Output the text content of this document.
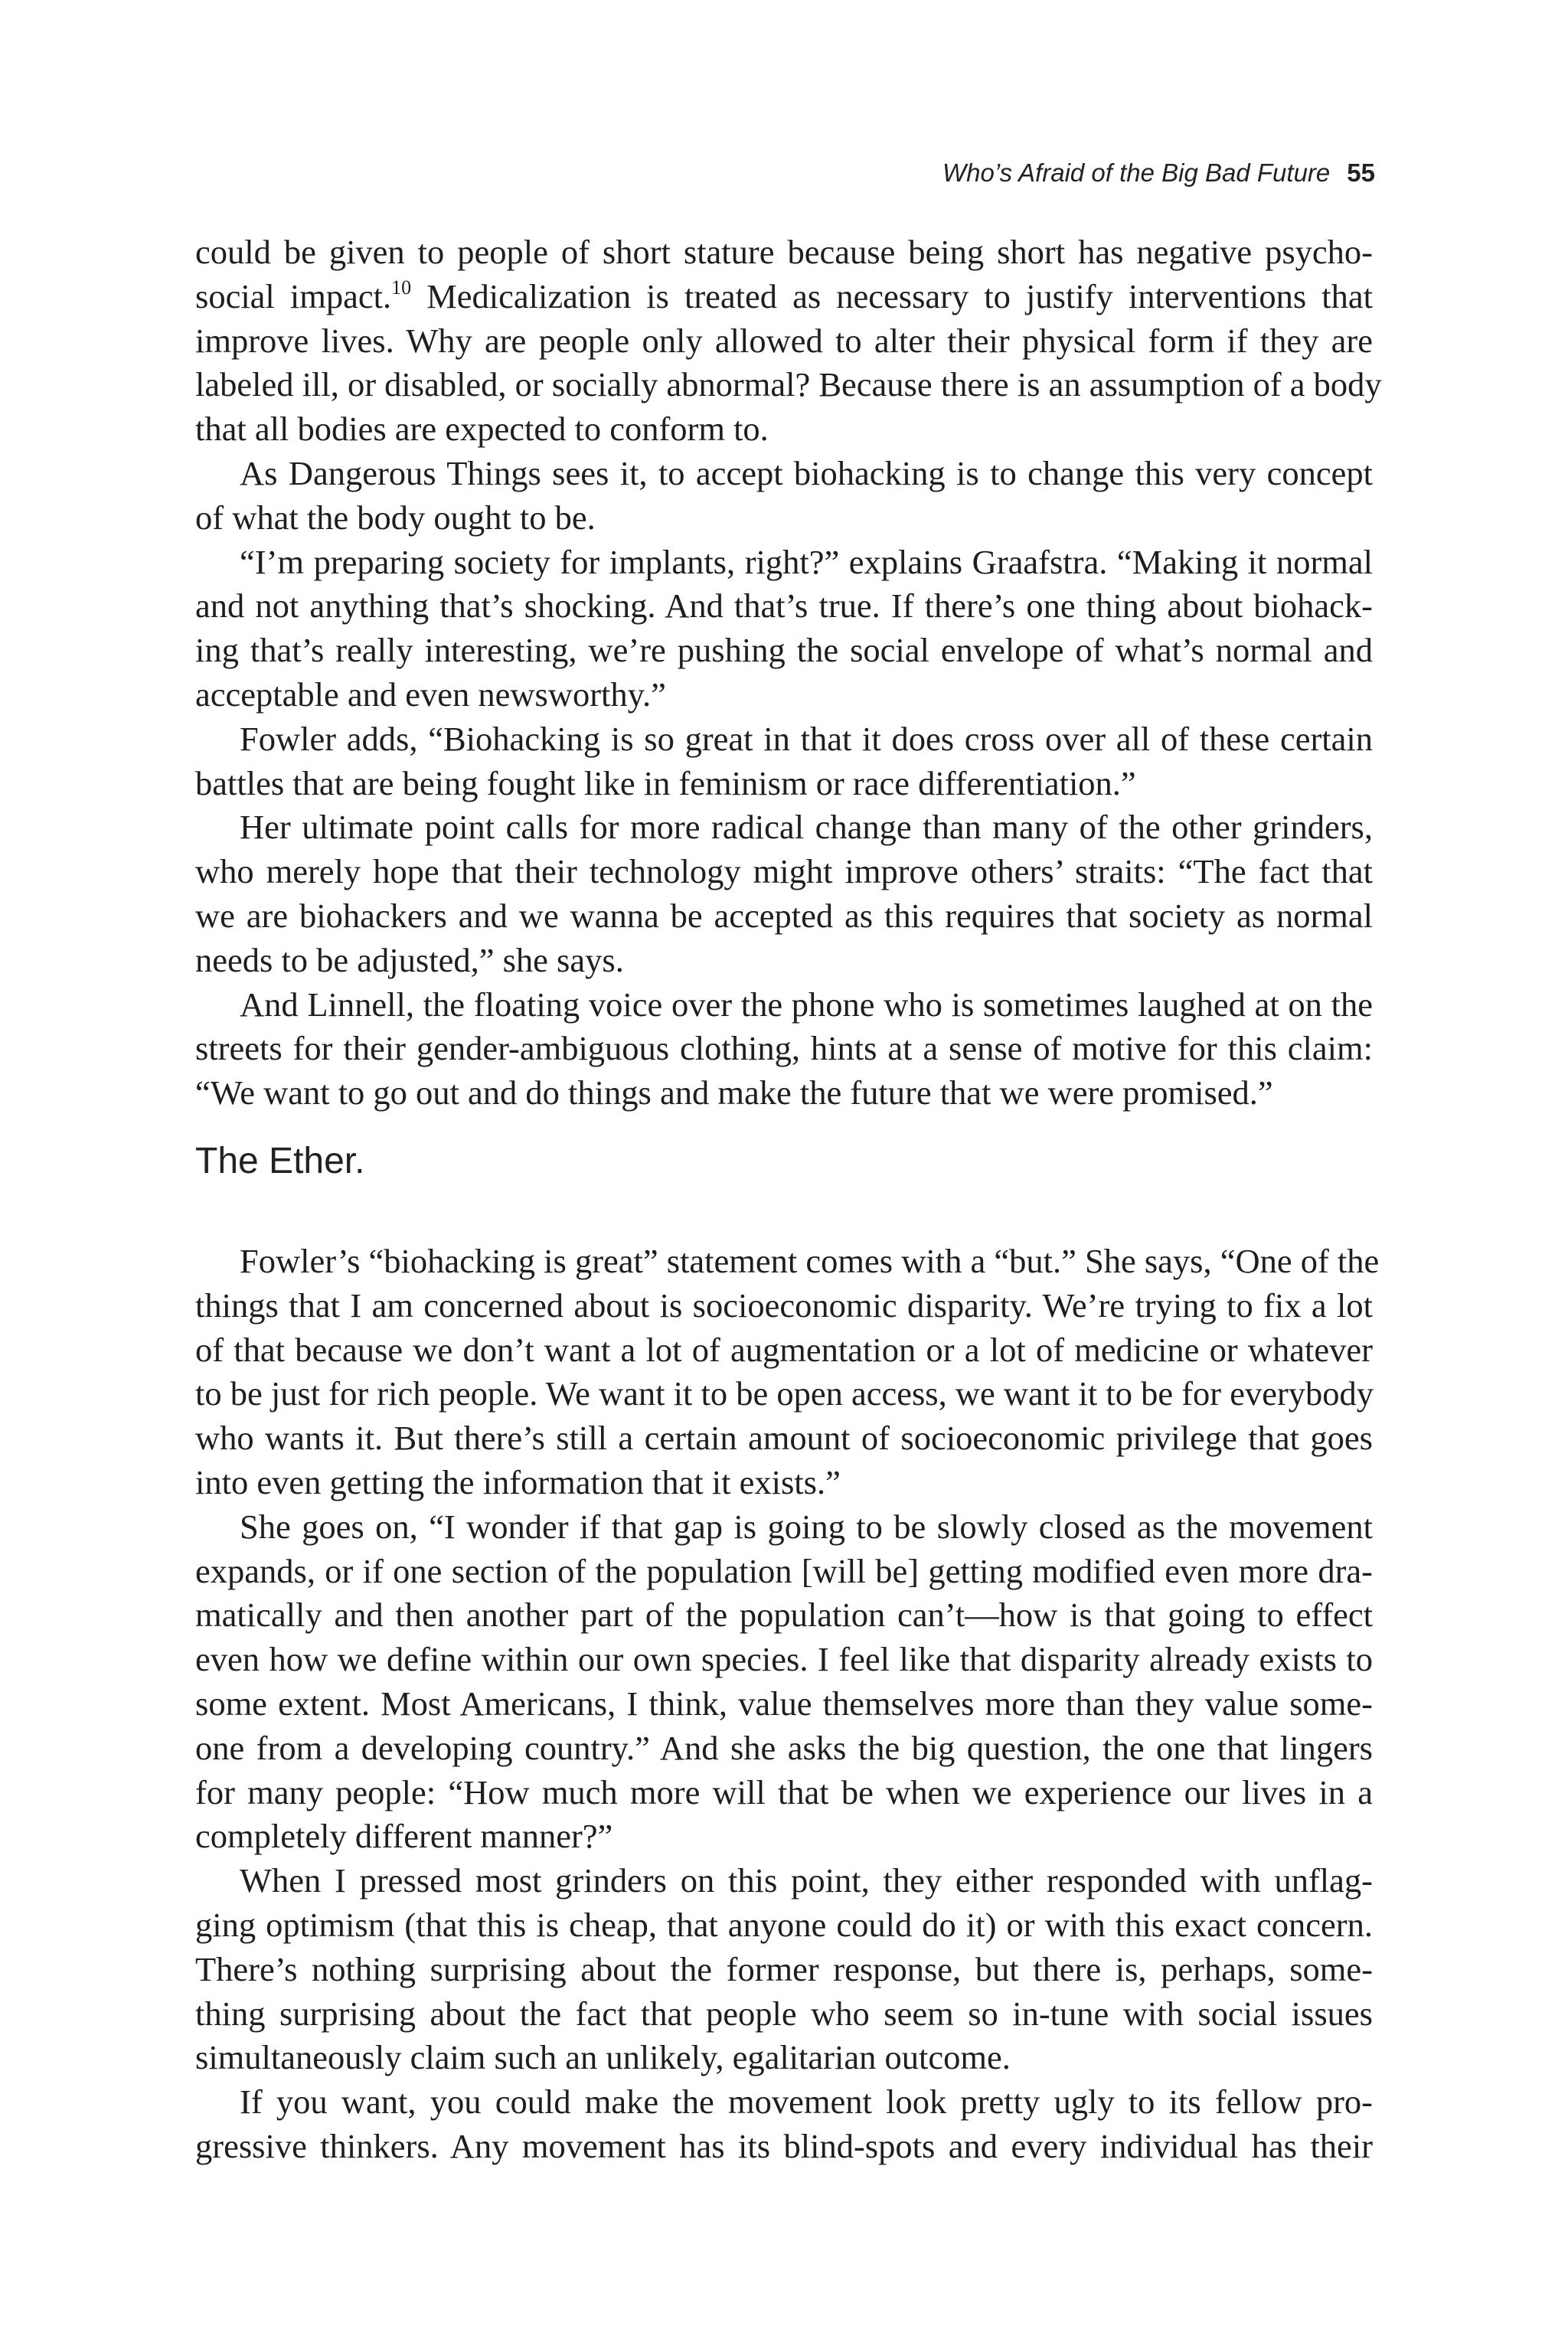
Who’s Afraid of the Big Bad Future 55

could be given to people of short stature because being short has negative psycho-
social impact.$^{10}$ Medicalization is treated as necessary to justify interventions that
improve lives. Why are people only allowed to alter their physical form if they are
labeled ill, or disabled, or socially abnormal? Because there is an assumption of a body
that all bodies are expected to conform to.

As Dangerous Things sees it, to accept biohacking is to change this very concept
of what the body ought to be.

“I’m preparing society for implants, right?” explains Graafstra. “Making it normal
and not anything that’s shocking. And that’s true. If there’s one thing about biohack-
ing that’s really interesting, we’re pushing the social envelope of what’s normal and
acceptable and even newsworthy.”

Fowler adds, “Biohacking is so great in that it does cross over all of these certain
battles that are being fought like in feminism or race differentiation.”

Her ultimate point calls for more radical change than many of the other grinders,
who merely hope that their technology might improve others’ straits: “The fact that
we are biohackers and we wanna be accepted as this requires that society as normal
needs to be adjusted,” she says.

And Linnell, the floating voice over the phone who is sometimes laughed at on the
streets for their gender-ambiguous clothing, hints at a sense of motive for this claim:
“We want to go out and do things and make the future that we were promised.”

The Ether.

Fowler’s “biohacking is great” statement comes with a “but.” She says, “One of the
things that I am concerned about is socioeconomic disparity. We’re trying to fix a lot
of that because we don’t want a lot of augmentation or a lot of medicine or whatever
to be just for rich people. We want it to be open access, we want it to be for everybody
who wants it. But there’s still a certain amount of socioeconomic privilege that goes
into even getting the information that it exists.”

She goes on, “I wonder if that gap is going to be slowly closed as the movement
expands, or if one section of the population [will be] getting modified even more dra-
matically and then another part of the population can’t—how is that going to effect
even how we define within our own species. I feel like that disparity already exists to
some extent. Most Americans, I think, value themselves more than they value some-
one from a developing country.” And she asks the big question, the one that lingers
for many people: “How much more will that be when we experience our lives in a
completely different manner?”

When I pressed most grinders on this point, they either responded with unflag-
ging optimism (that this is cheap, that anyone could do it) or with this exact concern.
There’s nothing surprising about the former response, but there is, perhaps, some-
thing surprising about the fact that people who seem so in-tune with social issues
simultaneously claim such an unlikely, egalitarian outcome.

If you want, you could make the movement look pretty ugly to its fellow pro-
gressive thinkers. Any movement has its blind-spots and every individual has their
